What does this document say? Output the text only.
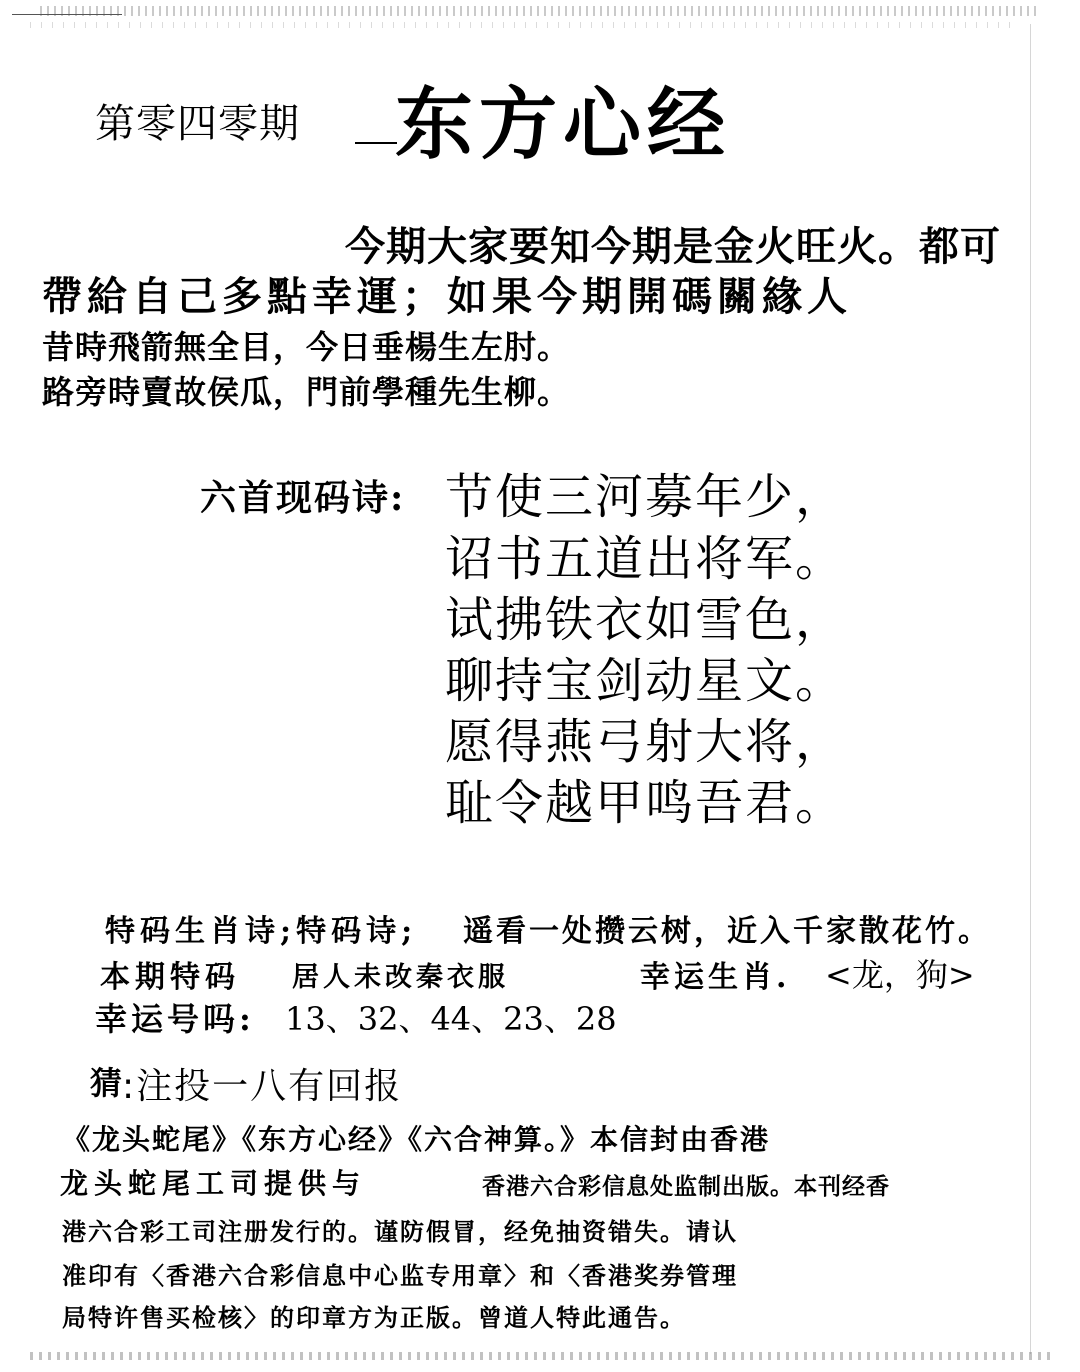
第零四零期 东方心经
今期大家要知今期是金火旺火。都可
帶給自己多點幸運；如果今期開碼關緣人
昔時飛箭無全目，今日垂楊生左肘。
路旁時賣故侯瓜，門前學種先生柳。
六首现码诗: 节使三河募年少，
诏书五道出将军。
试拂铁衣如雪色，
聊持宝剑动星文。
愿得燕弓射大将，
耻令越甲鸣吾君。
特码生肖诗;特码诗; 遥看一处攒云树，近入千家散花竹。
本期特码 居人未改秦衣服	幸运生肖. <龙，狗>
幸运号吗: 13、32、44、23、28
猜 :注投一八有回报
《龙头蛇尾》《东方心经》《六合神算。》本信封由香港
龙头蛇尾工司提供与	香港六合彩信息处监制出版。本刊经香
港六合彩工司注册发行的。谨防假冒，经免抽资错失。请认
准印有〈香港六合彩信息中心监专用章〉和〈香港奖券管理
局特许售买检核〉的印章方为正版。曾道人特此通告。
